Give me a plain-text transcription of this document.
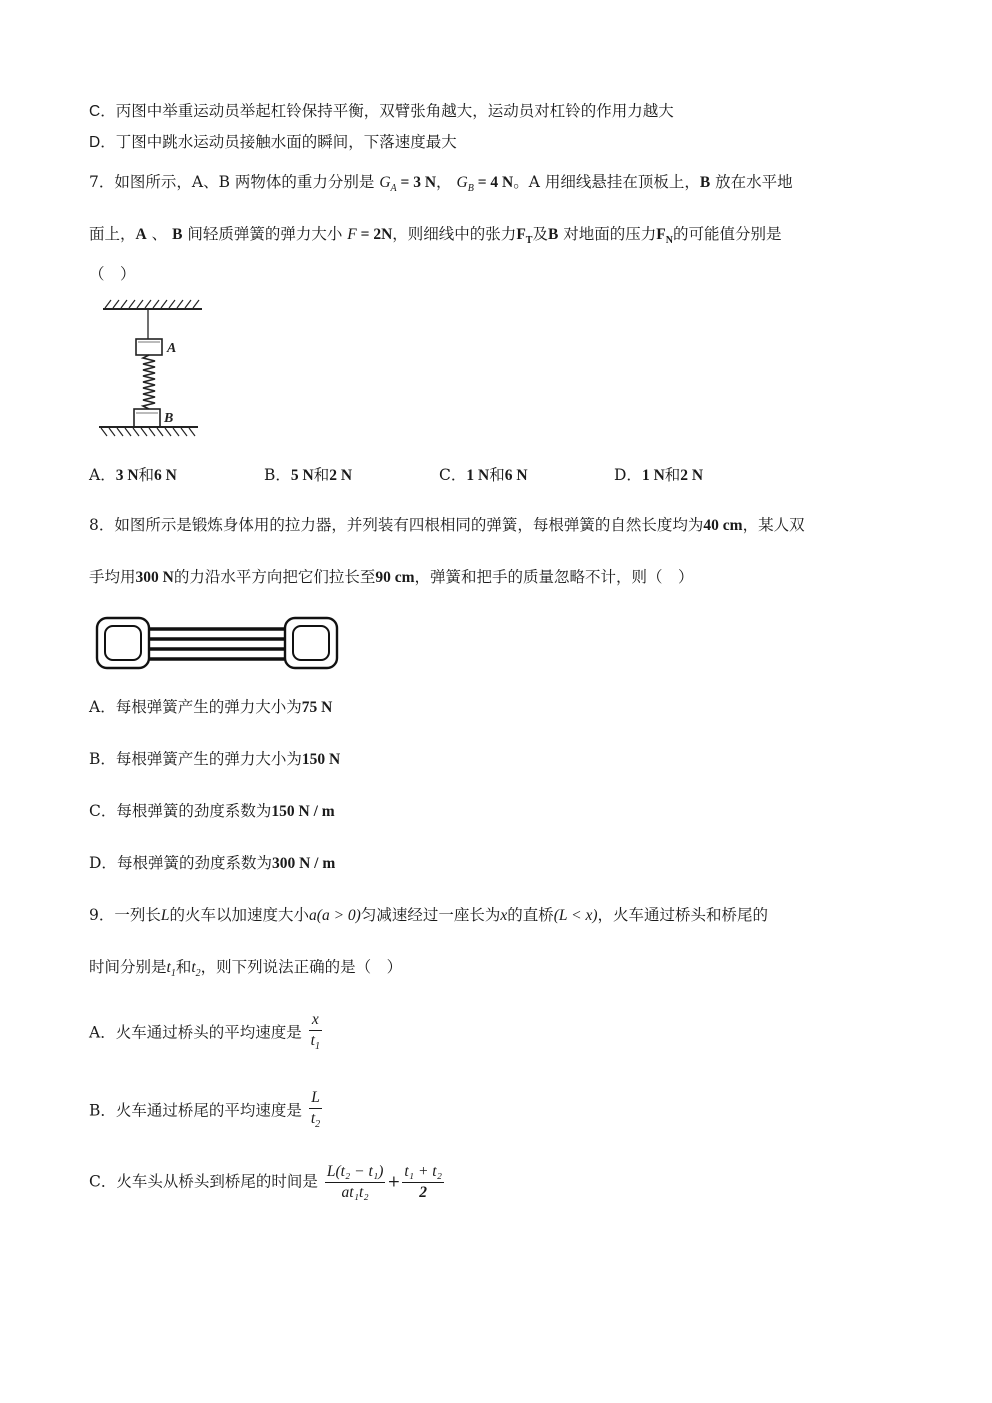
C．丙图中举重运动员举起杠铃保持平衡，双臂张角越大，运动员对杠铃的作用力越大
D．丁图中跳水运动员接触水面的瞬间，下落速度最大
7．如图所示，A、B 两物体的重力分别是 $G_A = 3$ N， $G_B = 4$ N。A 用细线悬挂在顶板上，B 放在水平地
面上，A 、 B 间轻质弹簧的弹力大小 F = 2N，则细线中的张力$F_T$及B 对地面的压力$F_N$的可能值分别是
（　）
A
B
A．3 N和6 N	B．5 N和2 N	C．1 N和6 N	D．1 N和2 N
8．如图所示是锻炼身体用的拉力器，并列装有四根相同的弹簧，每根弹簧的自然长度均为40 cm，某人双
手均用300 N的力沿水平方向把它们拉长至90 cm，弹簧和把手的质量忽略不计，则（　）
A．每根弹簧产生的弹力大小为75 N
B．每根弹簧产生的弹力大小为150 N
C．每根弹簧的劲度系数为150 N / m
D．每根弹簧的劲度系数为300 N / m
9．一列长L的火车以加速度大小a(a > 0)匀减速经过一座长为x的直桥(L < x)，火车通过桥头和桥尾的
时间分别是$t_1$和$t_2$，则下列说法正确的是（　）
A．火车通过桥头的平均速度是 $\frac{x}{t_1}$
B．火车通过桥尾的平均速度是 $\frac{L}{t_2}$
C．火车头从桥头到桥尾的时间是 $\frac{\text{L(t₂ − t₁)}}{\text{at₁t₂}} + \frac{\text{t₁ + t₂}}{2}$
